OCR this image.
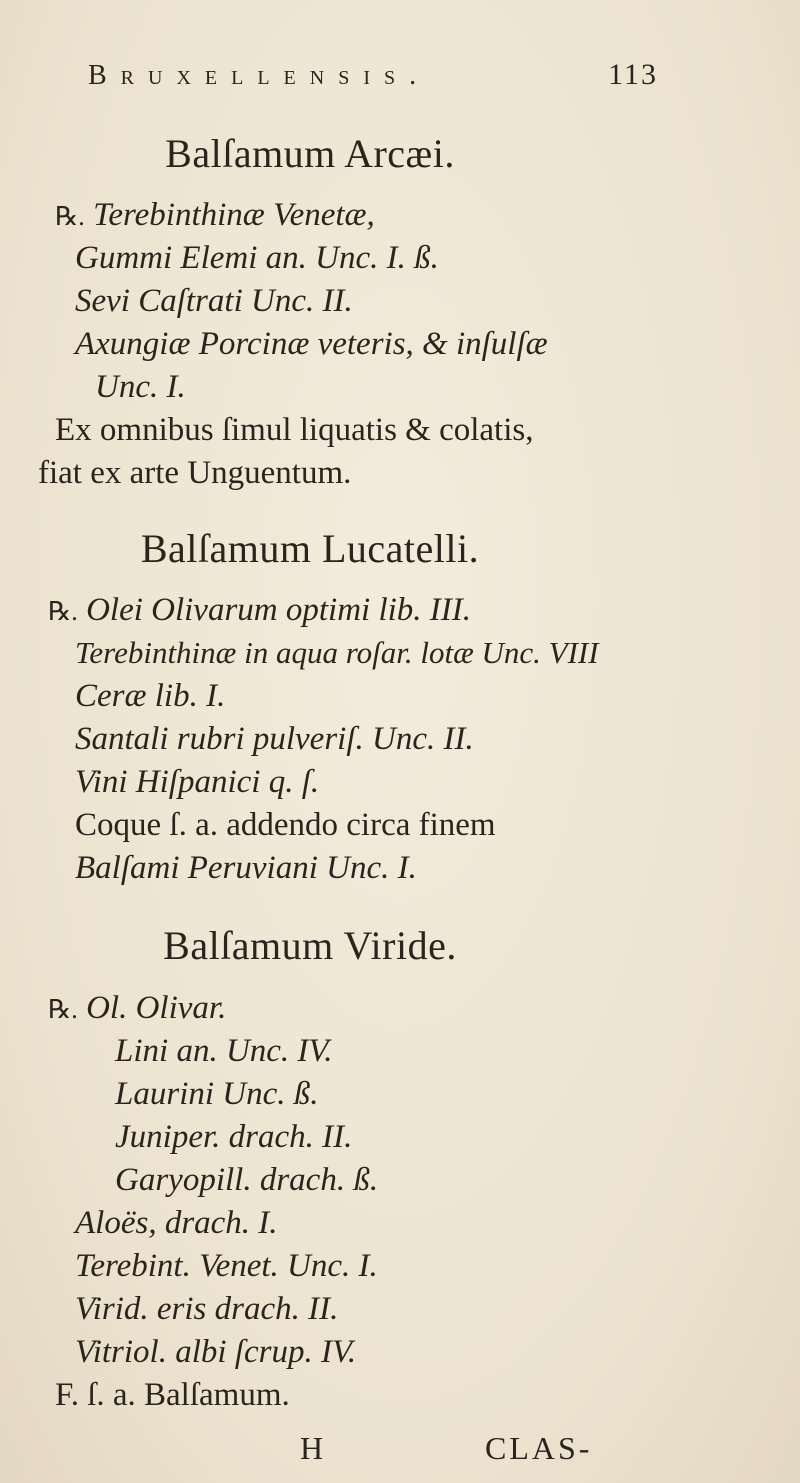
Bruxellensis.	113
Balſamum Arcæi.
℞. Terebinthinæ Venetæ,
Gummi Elemi an. Unc. I. ß.
Sevi Caſtrati Unc. II.
Axungiæ Porcinæ veteris, & inſulſæ
Unc. I.
Ex omnibus ſimul liquatis & colatis,
fiat ex arte Unguentum.
Balſamum Lucatelli.
℞. Olei Olivarum optimi lib. III.
Terebinthinæ in aqua roſar. lotæ Unc. VIII
Ceræ lib. I.
Santali rubri pulveriſ. Unc. II.
Vini Hiſpanici q. ſ.
Coque ſ. a. addendo circa finem
Balſami Peruviani Unc. I.
Balſamum Viride.
℞. Ol. Olivar.
Lini an. Unc. IV.
Laurini Unc. ß.
Juniper. drach. II.
Garyopill. drach. ß.
Aloës, drach. I.
Terebint. Venet. Unc. I.
Virid. eris drach. II.
Vitriol. albi ſcrup. IV.
F. ſ. a. Balſamum.
H	CLAS-
